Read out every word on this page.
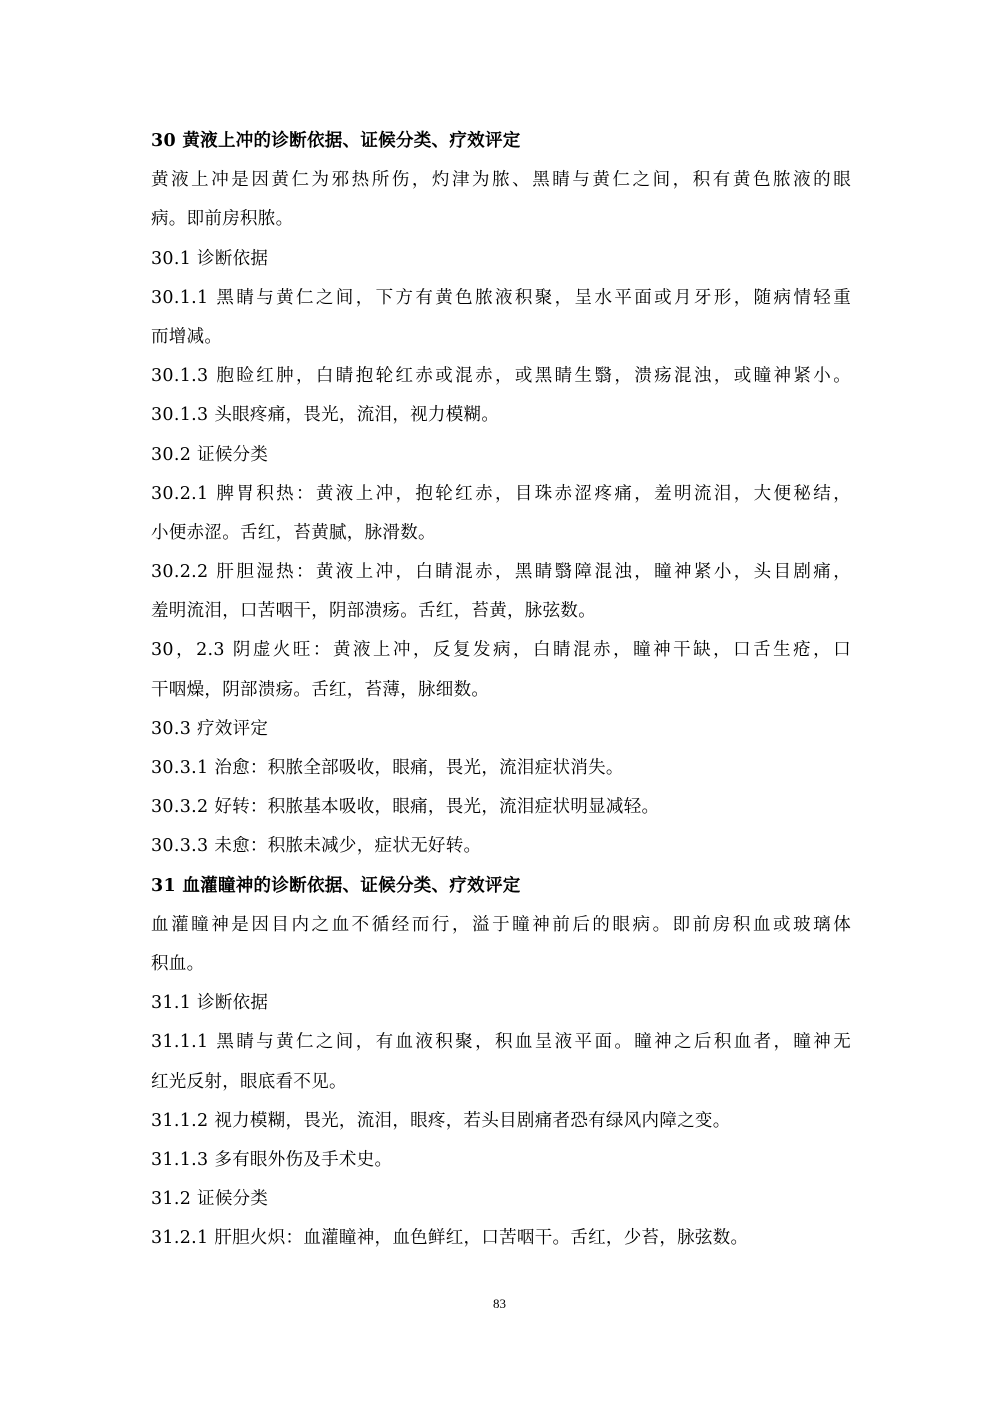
30 黄液上冲的诊断依据、证候分类、疗效评定
黄液上冲是因黄仁为邪热所伤，灼津为脓、黑睛与黄仁之间，积有黄色脓液的眼
病。即前房积脓。
30.1 诊断依据
30.1.1 黑睛与黄仁之间，下方有黄色脓液积聚，呈水平面或月牙形，随病情轻重
而增减。
30.1.3 胞睑红肿，白睛抱轮红赤或混赤，或黑睛生翳，溃疡混浊，或瞳神紧小。
30.1.3 头眼疼痛，畏光，流泪，视力模糊。
30.2 证候分类
30.2.1 脾胃积热：黄液上冲，抱轮红赤，目珠赤涩疼痛，羞明流泪，大便秘结，
小便赤涩。舌红，苔黄腻，脉滑数。
30.2.2 肝胆湿热：黄液上冲，白睛混赤，黑睛翳障混浊，瞳神紧小，头目剧痛，
羞明流泪，口苦咽干，阴部溃疡。舌红，苔黄，脉弦数。
30，2.3 阴虚火旺：黄液上冲，反复发病，白睛混赤，瞳神干缺，口舌生疮，口
干咽燥，阴部溃疡。舌红，苔薄，脉细数。
30.3 疗效评定
30.3.1 治愈：积脓全部吸收，眼痛，畏光，流泪症状消失。
30.3.2 好转：积脓基本吸收，眼痛，畏光，流泪症状明显减轻。
30.3.3 未愈：积脓未减少，症状无好转。
31 血灌瞳神的诊断依据、证候分类、疗效评定
血灌瞳神是因目内之血不循经而行，溢于瞳神前后的眼病。即前房积血或玻璃体
积血。
31.1 诊断依据
31.1.1 黑睛与黄仁之间，有血液积聚，积血呈液平面。瞳神之后积血者，瞳神无
红光反射，眼底看不见。
31.1.2 视力模糊，畏光，流泪，眼疼，若头目剧痛者恐有绿风内障之变。
31.1.3 多有眼外伤及手术史。
31.2 证候分类
31.2.1 肝胆火炽：血灌瞳神，血色鲜红，口苦咽干。舌红，少苔，脉弦数。
83
